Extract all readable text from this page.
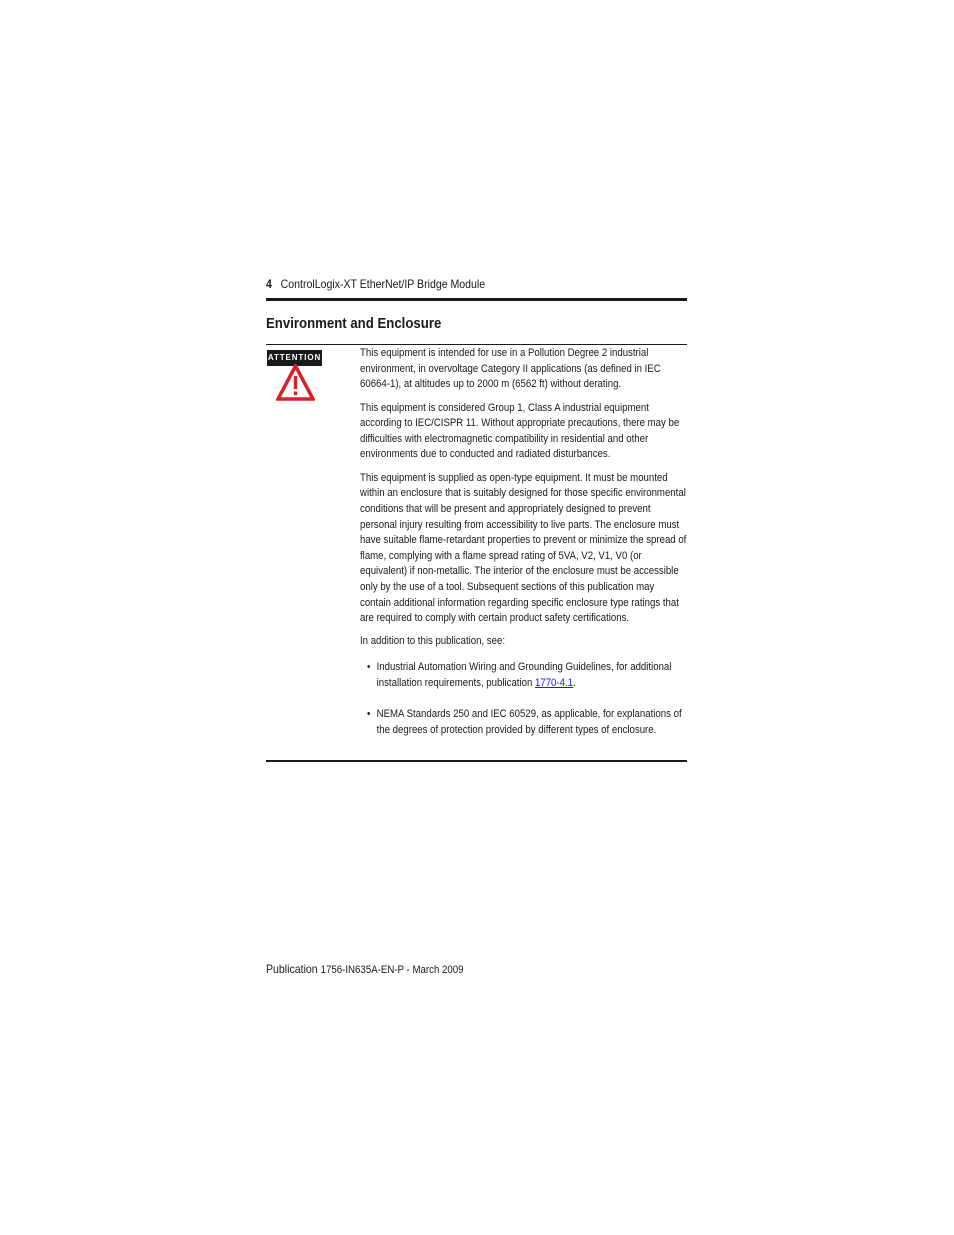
4 ControlLogix-XT EtherNet/IP Bridge Module
Environment and Enclosure
ATTENTION	This equipment is intended for use in a Pollution Degree 2 industrial environment, in overvoltage Category II applications (as defined in IEC 60664-1), at altitudes up to 2000 m (6562 ft) without derating.

This equipment is considered Group 1, Class A industrial equipment according to IEC/CISPR 11. Without appropriate precautions, there may be difficulties with electromagnetic compatibility in residential and other environments due to conducted and radiated disturbances.

This equipment is supplied as open-type equipment. It must be mounted within an enclosure that is suitably designed for those specific environmental conditions that will be present and appropriately designed to prevent personal injury resulting from accessibility to live parts. The enclosure must have suitable flame-retardant properties to prevent or minimize the spread of flame, complying with a flame spread rating of 5VA, V2, V1, V0 (or equivalent) if non-metallic. The interior of the enclosure must be accessible only by the use of a tool. Subsequent sections of this publication may contain additional information regarding specific enclosure type ratings that are required to comply with certain product safety certifications.

In addition to this publication, see:

• Industrial Automation Wiring and Grounding Guidelines, for additional installation requirements, publication 1770-4.1.
• NEMA Standards 250 and IEC 60529, as applicable, for explanations of the degrees of protection provided by different types of enclosure.
Publication 1756-IN635A-EN-P - March 2009
